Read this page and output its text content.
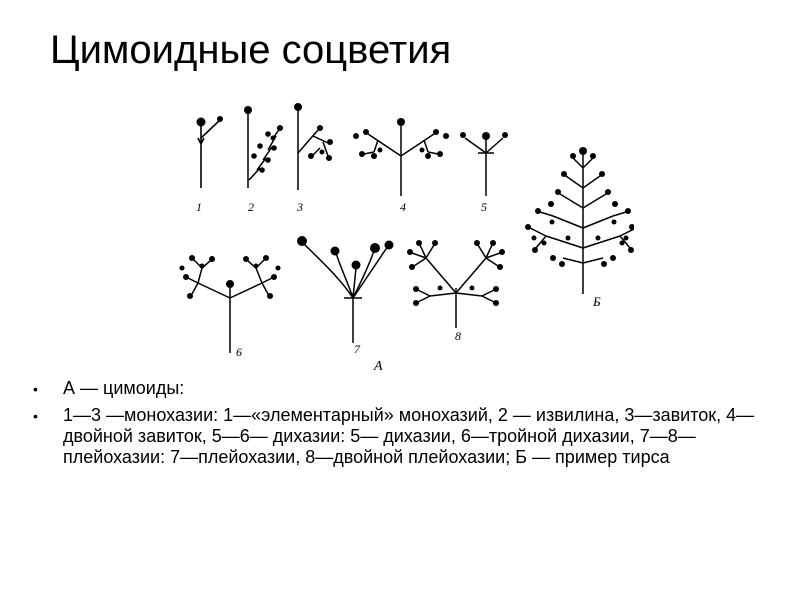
Цимоидные соцветия
1	2	3	4	5
6	7
8
А
Б
• А — цимоиды:
• 1—3 —монохазии: 1—«элементарный» монохазий, 2 — извилина, 3—завиток, 4—двойной завиток, 5—6— дихазии: 5— дихазии, 6—тройной дихазии, 7—8—плейохазии: 7—плейохазии, 8—двойной плейохазии; Б — пример тирса
